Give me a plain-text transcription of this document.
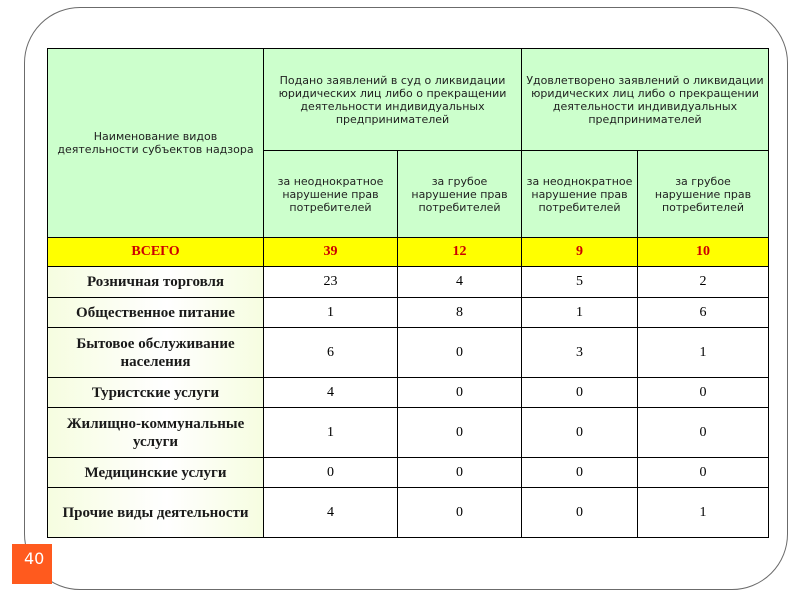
Наименование видов деятельности субъектов надзора	Подано заявлений в суд о ликвидации юридических лиц либо о прекращении деятельности индивидуальных предпринимателей		Удовлетворено заявлений о ликвидации юридических лиц либо о прекращении деятельности индивидуальных предпринимателей	
	за неоднократное нарушение прав потребителей	за грубое нарушение прав потребителей	за неоднократное нарушение прав потребителей	за грубое нарушение прав потребителей
ВСЕГО	39	12	9	10
Розничная торговля	23	4	5	2
Общественное питание	1	8	1	6
Бытовое обслуживание населения	6	0	3	1
Туристские услуги	4	0	0	0
Жилищно-коммунальные услуги	1	0	0	0
Медицинские услуги	0	0	0	0
Прочие виды деятельности	4	0	0	1
40
